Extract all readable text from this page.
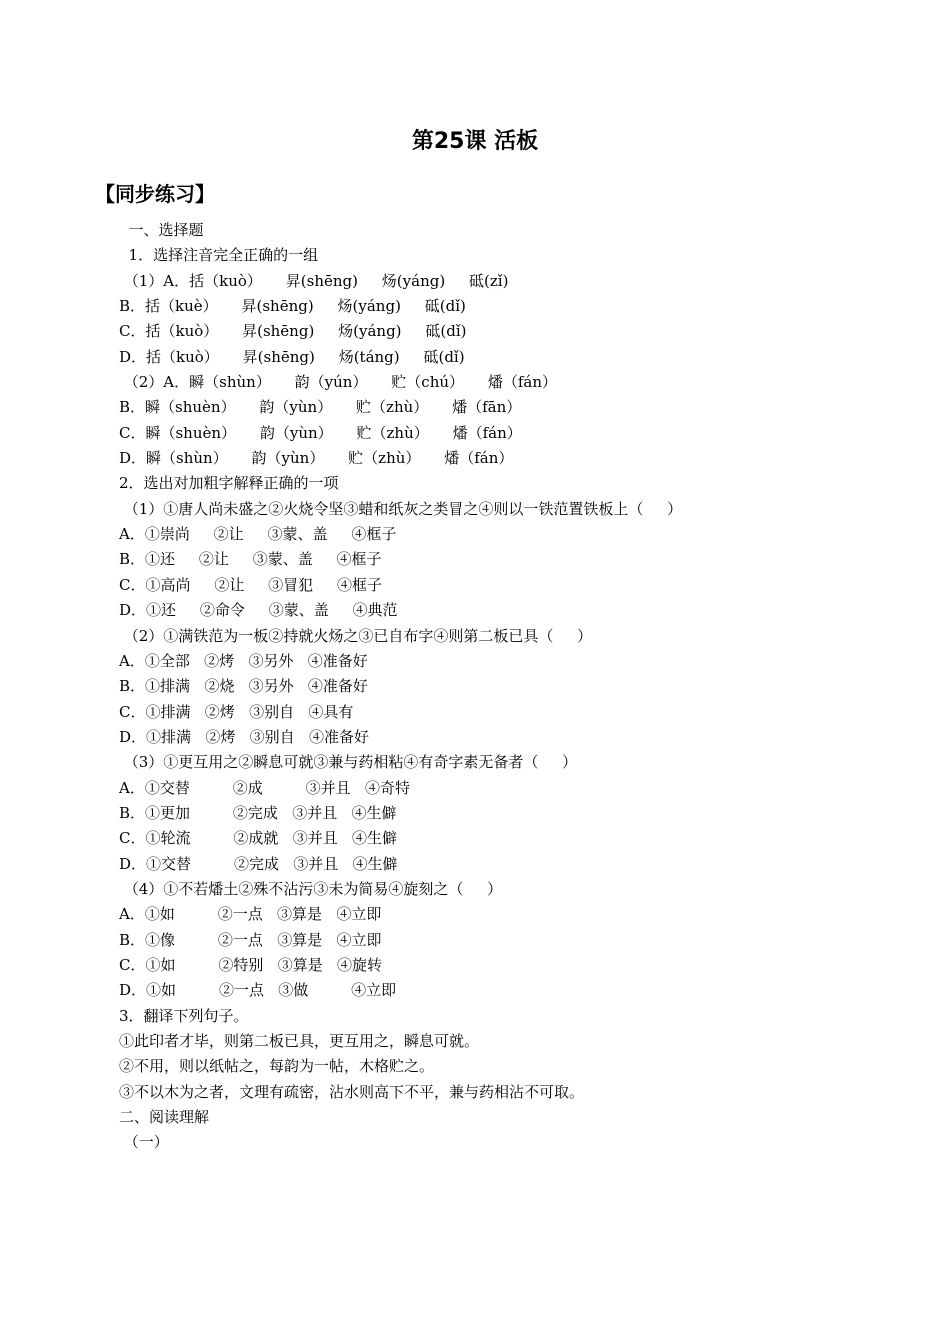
第25课 活板
【同步练习】
一、选择题
1．选择注音完全正确的一组
（1）A．括（kuò）     昇(shēng)     炀(yáng)     砥(zǐ)
B．括（kuè）     昇(shēng)     炀(yáng)     砥(dǐ)
C．括（kuò）     昇(shēng)     炀(yáng)     砥(dǐ)
D．括（kuò）     昇(shēng)     炀(táng)     砥(dǐ)
（2）A．瞬（shùn）     韵（yún）     贮（chú）     燔（fán）
B．瞬（shuèn）     韵（yùn）     贮（zhù）     燔（fān）
C．瞬（shuèn）     韵（yùn）     贮（zhù）     燔（fán）
D．瞬（shùn）     韵（yùn）     贮（zhù）     燔（fán）
2．选出对加粗字解释正确的一项
（1）①唐人尚未盛之②火烧令坚③蜡和纸灰之类冒之④则以一铁范置铁板上（     ）
A．①崇尚     ②让     ③蒙、盖     ④框子
B．①还     ②让     ③蒙、盖     ④框子
C．①高尚     ②让     ③冒犯     ④框子
D．①还     ②命令     ③蒙、盖     ④典范
（2）①满铁范为一板②持就火炀之③已自布字④则第二板已具（     ）
A．①全部   ②烤   ③另外   ④准备好
B．①排满   ②烧   ③另外   ④准备好
C．①排满   ②烤   ③别自   ④具有
D．①排满   ②烤   ③别自   ④准备好
（3）①更互用之②瞬息可就③兼与药相粘④有奇字素无备者（     ）
A．①交替         ②成         ③并且   ④奇特
B．①更加         ②完成   ③并且   ④生僻
C．①轮流         ②成就   ③并且   ④生僻
D．①交替         ②完成   ③并且   ④生僻
（4）①不若燔土②殊不沾污③未为简易④旋刻之（     ）
A．①如         ②一点   ③算是   ④立即
B．①像         ②一点   ③算是   ④立即
C．①如         ②特别   ③算是   ④旋转
D．①如         ②一点   ③做         ④立即
3．翻译下列句子。
①此印者才毕，则第二板已具，更互用之，瞬息可就。
②不用，则以纸帖之，每韵为一帖，木格贮之。
③不以木为之者，文理有疏密，沾水则高下不平，兼与药相沾不可取。
二、阅读理解
（一）
